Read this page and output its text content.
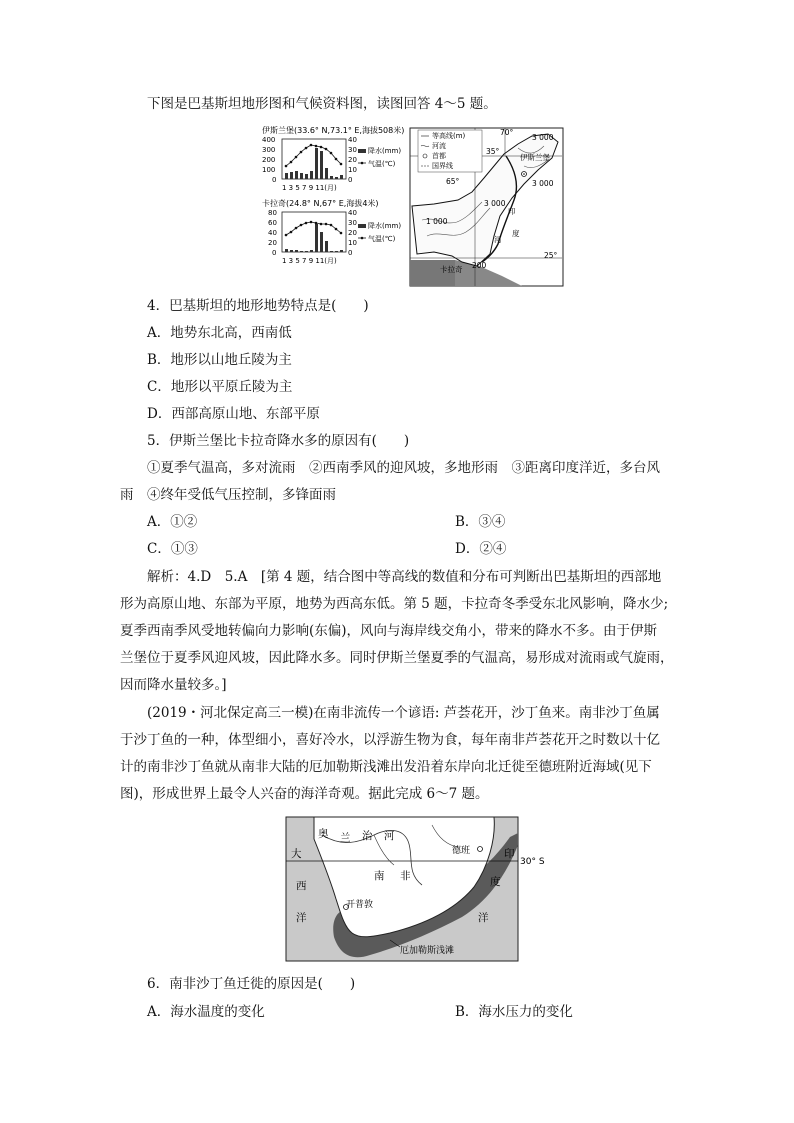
下图是巴基斯坦地形图和气候资料图，读图回答 4～5 题。
伊斯兰堡(33.6° N,73.1° E,海拔508米)
400
300
200
100
0
40
30
20
10
0
1 3 5 7 9 11(月)
降水(mm)
气温(℃)
卡拉奇(24.8° N,67° E,海拔4米)
80
60
40
20
0
40
30
20
10
0
1 3 5 7 9 11(月)
降水(mm)
气温(℃)
等高线(m)
河流
首都
国界线
70°
35°
3 000
伊斯兰堡
3 000
65°
3 000
1 000
印
度
河
200
卡拉奇
25°
4．巴基斯坦的地形地势特点是(　　)
A．地势东北高，西南低
B．地形以山地丘陵为主
C．地形以平原丘陵为主
D．西部高原山地、东部平原
5．伊斯兰堡比卡拉奇降水多的原因有(　　)
①夏季气温高，多对流雨　②西南季风的迎风坡，多地形雨　③距离印度洋近，多台风
雨　④终年受低气压控制，多锋面雨
A．①②	B．③④
C．①③	D．②④
解析：4.D　5.A　[第 4 题，结合图中等高线的数值和分布可判断出巴基斯坦的西部地
形为高原山地、东部为平原，地势为西高东低。第 5 题，卡拉奇冬季受东北风影响，降水少;
夏季西南季风受地转偏向力影响(东偏)，风向与海岸线交角小，带来的降水不多。由于伊斯
兰堡位于夏季风迎风坡，因此降水多。同时伊斯兰堡夏季的气温高，易形成对流雨或气旋雨，
因而降水量较多。]
(2019・河北保定高三一模)在南非流传一个谚语: 芦荟花开，沙丁鱼来。南非沙丁鱼属
于沙丁鱼的一种，体型细小，喜好冷水，以浮游生物为食，每年南非芦荟花开之时数以十亿
计的南非沙丁鱼就从南非大陆的厄加勒斯浅滩出发沿着东岸向北迁徙至德班附近海域(见下
图)，形成世界上最令人兴奋的海洋奇观。据此完成 6～7 题。
大
西
洋
印
度
洋
奥 兰 治 河
南 非
德班
开普敦
厄加勒斯浅滩
30° S
6．南非沙丁鱼迁徙的原因是(　　)
A．海水温度的变化	B．海水压力的变化
